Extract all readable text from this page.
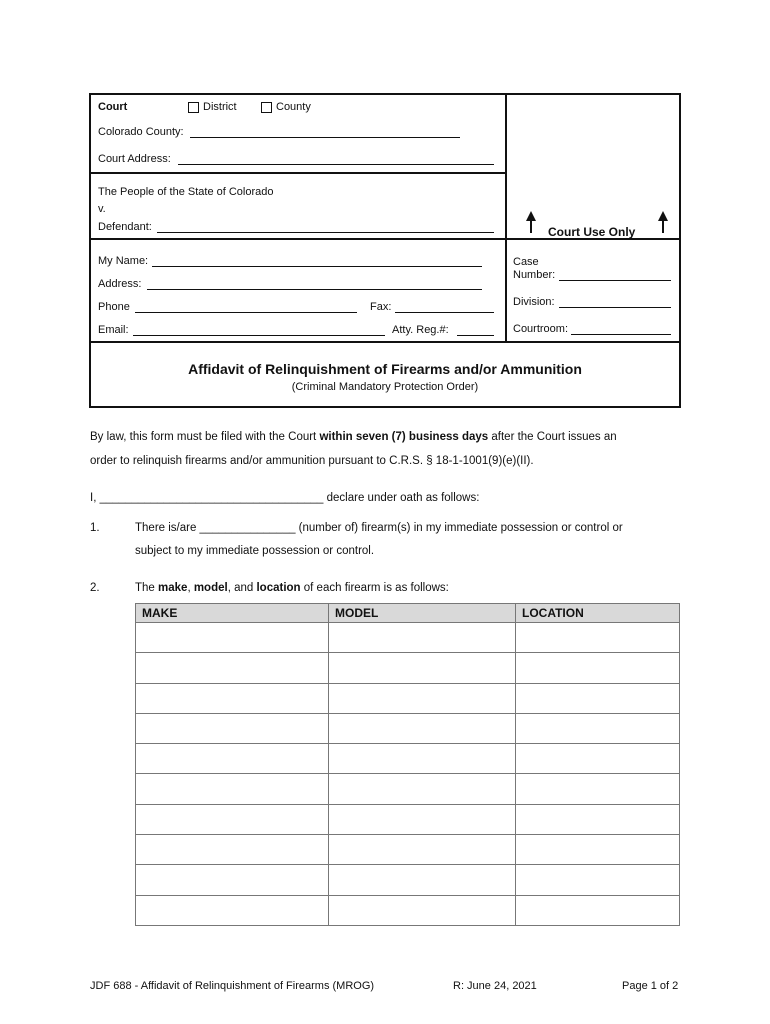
Court	District	County
Colorado County:
Court Address:
The People of the State of Colorado
v.
Defendant:
My Name:
Address:
Phone	Fax:
Email:	Atty. Reg.#:
Court Use Only
Case
Number:
Division:
Courtroom:
Affidavit of Relinquishment of Firearms and/or Ammunition
(Criminal Mandatory Protection Order)
By law, this form must be filed with the Court within seven (7) business days after the Court issues an
order to relinquish firearms and/or ammunition pursuant to C.R.S. § 18-1-1001(9)(e)(II).
I, ___________________________________ declare under oath as follows:
1.	There is/are _______________ (number of) firearm(s) in my immediate possession or control or
subject to my immediate possession or control.
2.	The make, model, and location of each firearm is as follows:
MAKE	MODEL	LOCATION

JDF 688 - Affidavit of Relinquishment of Firearms (MROG)	R: June 24, 2021	Page 1 of 2
